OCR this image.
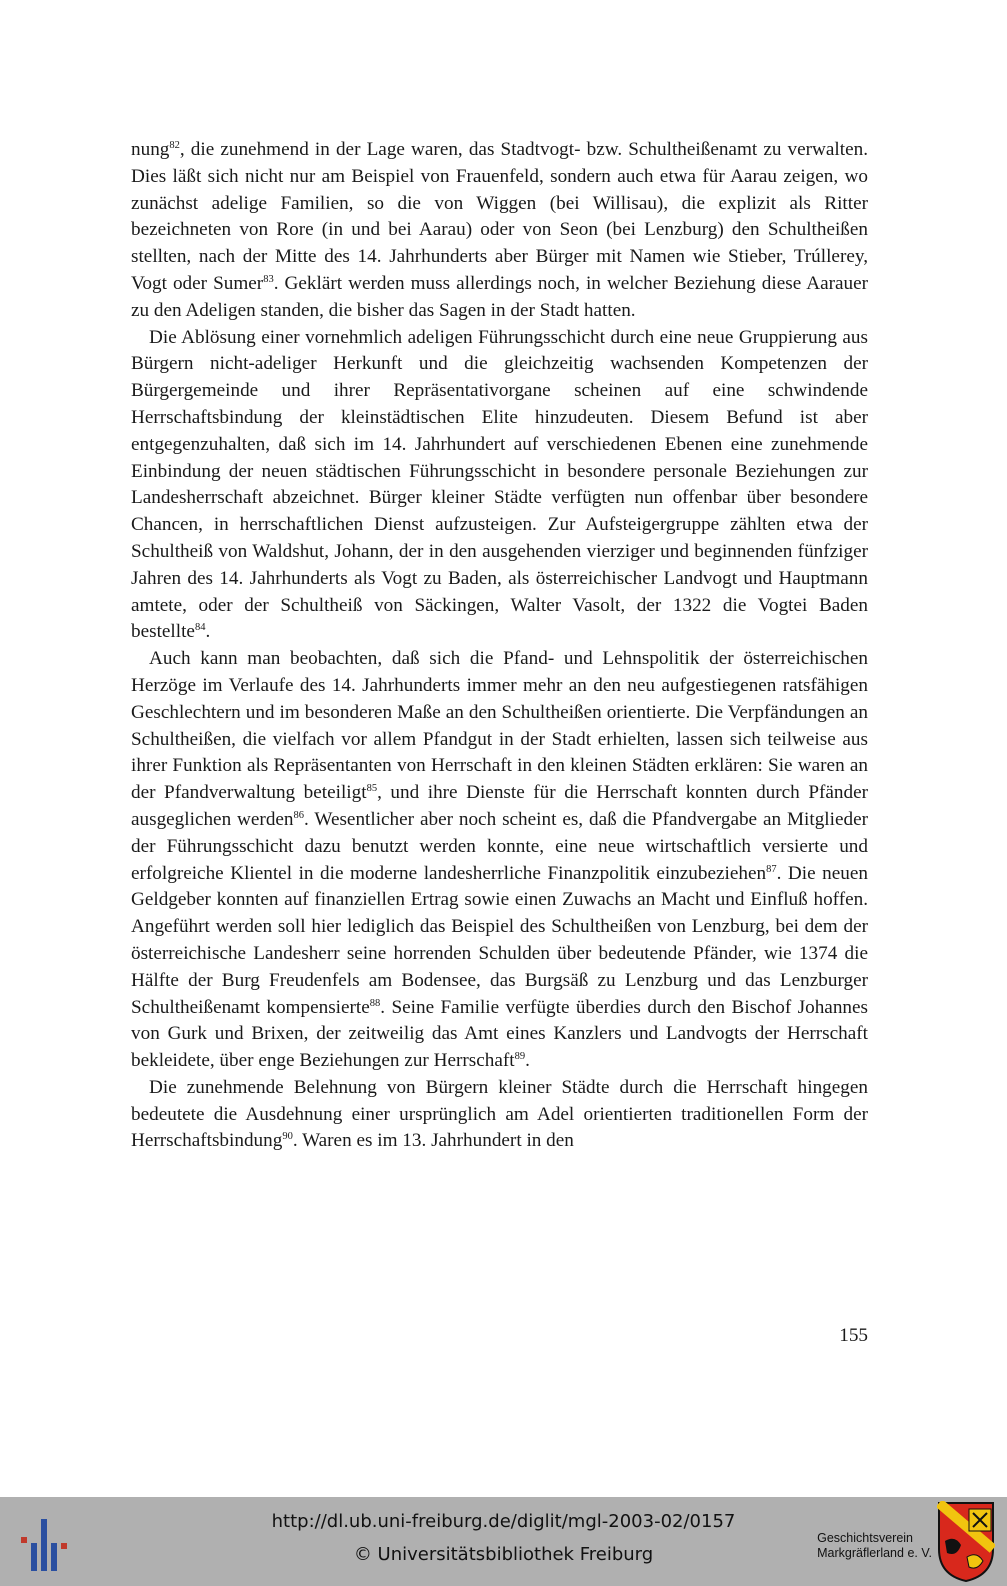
nung$^{82}$, die zunehmend in der Lage waren, das Stadtvogt- bzw. Schultheißenamt zu verwalten. Dies läßt sich nicht nur am Beispiel von Frauenfeld, sondern auch etwa für Aarau zeigen, wo zunächst adelige Familien, so die von Wiggen (bei Willisau), die explizit als Ritter bezeichneten von Rore (in und bei Aarau) oder von Seon (bei Lenzburg) den Schultheißen stellten, nach der Mitte des 14. Jahrhunderts aber Bürger mit Namen wie Stieber, Trúllerey, Vogt oder Sumer$^{83}$. Geklärt werden muss allerdings noch, in welcher Beziehung diese Aarauer zu den Adeligen standen, die bisher das Sagen in der Stadt hatten.

Die Ablösung einer vornehmlich adeligen Führungsschicht durch eine neue Gruppierung aus Bürgern nicht-adeliger Herkunft und die gleichzeitig wachsenden Kompetenzen der Bürgergemeinde und ihrer Repräsentativorgane scheinen auf eine schwindende Herrschaftsbindung der kleinstädtischen Elite hinzudeuten. Diesem Befund ist aber entgegenzuhalten, daß sich im 14. Jahrhundert auf verschiedenen Ebenen eine zunehmende Einbindung der neuen städtischen Führungsschicht in besondere personale Beziehungen zur Landesherrschaft abzeichnet. Bürger kleiner Städte verfügten nun offenbar über besondere Chancen, in herrschaftlichen Dienst aufzusteigen. Zur Aufsteigergruppe zählten etwa der Schultheiß von Waldshut, Johann, der in den ausgehenden vierziger und beginnenden fünfziger Jahren des 14. Jahrhunderts als Vogt zu Baden, als österreichischer Landvogt und Hauptmann amtete, oder der Schultheiß von Säckingen, Walter Vasolt, der 1322 die Vogtei Baden bestellte$^{84}$.

Auch kann man beobachten, daß sich die Pfand- und Lehnspolitik der österreichischen Herzöge im Verlaufe des 14. Jahrhunderts immer mehr an den neu aufgestiegenen ratsfähigen Geschlechtern und im besonderen Maße an den Schultheißen orientierte. Die Verpfändungen an Schultheißen, die vielfach vor allem Pfandgut in der Stadt erhielten, lassen sich teilweise aus ihrer Funktion als Repräsentanten von Herrschaft in den kleinen Städten erklären: Sie waren an der Pfandverwaltung beteiligt$^{85}$, und ihre Dienste für die Herrschaft konnten durch Pfänder ausgeglichen werden$^{86}$. Wesentlicher aber noch scheint es, daß die Pfandvergabe an Mitglieder der Führungsschicht dazu benutzt werden konnte, eine neue wirtschaftlich versierte und erfolgreiche Klientel in die moderne landesherrliche Finanzpolitik einzubeziehen$^{87}$. Die neuen Geldgeber konnten auf finanziellen Ertrag sowie einen Zuwachs an Macht und Einfluß hoffen. Angeführt werden soll hier lediglich das Beispiel des Schultheißen von Lenzburg, bei dem der österreichische Landesherr seine horrenden Schulden über bedeutende Pfänder, wie 1374 die Hälfte der Burg Freudenfels am Bodensee, das Burgsäß zu Lenzburg und das Lenzburger Schultheißenamt kompensierte$^{88}$. Seine Familie verfügte überdies durch den Bischof Johannes von Gurk und Brixen, der zeitweilig das Amt eines Kanzlers und Landvogts der Herrschaft bekleidete, über enge Beziehungen zur Herrschaft$^{89}$.

Die zunehmende Belehnung von Bürgern kleiner Städte durch die Herrschaft hingegen bedeutete die Ausdehnung einer ursprünglich am Adel orientierten traditionellen Form der Herrschaftsbindung$^{90}$. Waren es im 13. Jahrhundert in den

155
http://dl.ub.uni-freiburg.de/diglit/mgl-2003-02/0157
© Universitätsbibliothek Freiburg
Geschichtsverein
Markgräflerland e. V.
